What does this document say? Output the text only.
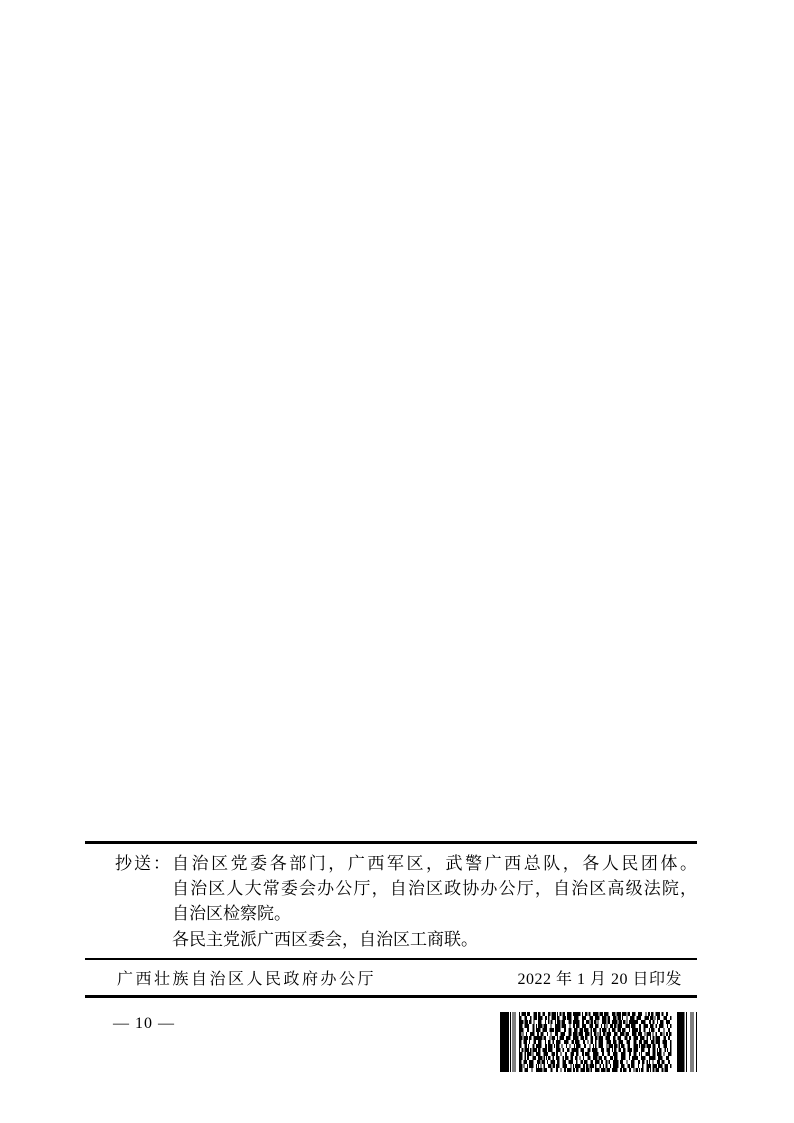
抄送： 自治区党委各部门，广西军区，武警广西总队，各人民团体。
自治区人大常委会办公厅，自治区政协办公厅，自治区高级法院，
自治区检察院。
各民主党派广西区委会，自治区工商联。
广西壮族自治区人民政府办公厅	2022 年 1 月 20 日印发
— 10 —
